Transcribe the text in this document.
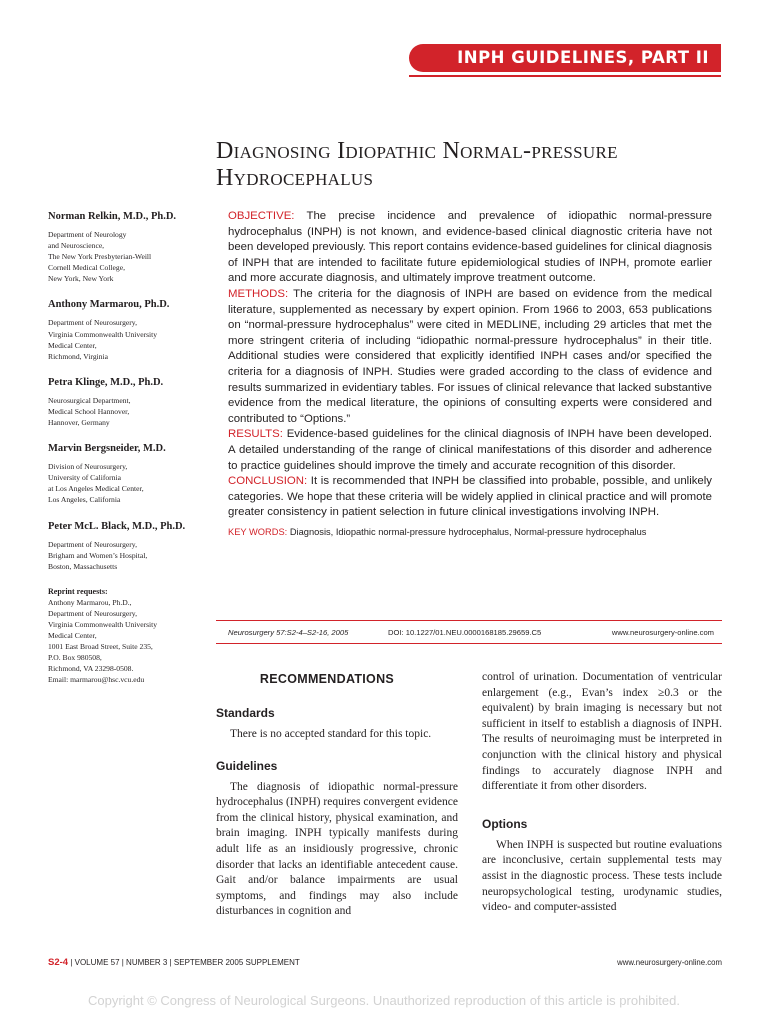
INPH GUIDELINES, PART II
Diagnosing Idiopathic Normal-pressure
Hydrocephalus
Norman Relkin, M.D., Ph.D.
Department of Neurology
and Neuroscience,
The New York Presbyterian-Weill
Cornell Medical College,
New York, New York
Anthony Marmarou, Ph.D.
Department of Neurosurgery,
Virginia Commonwealth University
Medical Center,
Richmond, Virginia
Petra Klinge, M.D., Ph.D.
Neurosurgical Department,
Medical School Hannover,
Hannover, Germany
Marvin Bergsneider, M.D.
Division of Neurosurgery,
University of California
at Los Angeles Medical Center,
Los Angeles, California
Peter McL. Black, M.D., Ph.D.
Department of Neurosurgery,
Brigham and Women’s Hospital,
Boston, Massachusetts
Reprint requests:
Anthony Marmarou, Ph.D.,
Department of Neurosurgery,
Virginia Commonwealth University
Medical Center,
1001 East Broad Street, Suite 235,
P.O. Box 980508,
Richmond, VA 23298-0508.
Email: marmarou@hsc.vcu.edu

OBJECTIVE: The precise incidence and prevalence of idiopathic normal-pressure hydrocephalus (INPH) is not known, and evidence-based clinical diagnostic criteria have not been developed previously. This report contains evidence-based guidelines for clinical diagnosis of INPH that are intended to facilitate future epidemiological studies of INPH, promote earlier and more accurate diagnosis, and ultimately improve treatment outcome.

METHODS: The criteria for the diagnosis of INPH are based on evidence from the medical literature, supplemented as necessary by expert opinion. From 1966 to 2003, 653 publications on “normal-pressure hydrocephalus” were cited in MEDLINE, including 29 articles that met the more stringent criteria of including “idiopathic normal-pressure hydrocephalus” in their title. Additional studies were considered that explicitly identified INPH cases and/or specified the criteria for a diagnosis of INPH. Studies were graded according to the class of evidence and results summarized in evidentiary tables. For issues of clinical relevance that lacked substantive evidence from the medical literature, the opinions of consulting experts were considered and contributed to “Options.”

RESULTS: Evidence-based guidelines for the clinical diagnosis of INPH have been developed. A detailed understanding of the range of clinical manifestations of this disorder and adherence to practice guidelines should improve the timely and accurate recognition of this disorder.

CONCLUSION: It is recommended that INPH be classified into probable, possible, and unlikely categories. We hope that these criteria will be widely applied in clinical practice and will promote greater consistency in patient selection in future clinical investigations involving INPH.

KEY WORDS: Diagnosis, Idiopathic normal-pressure hydrocephalus, Normal-pressure hydrocephalus

Neurosurgery 57:S2-4–S2-16, 2005	DOI: 10.1227/01.NEU.0000168185.29659.C5	www.neurosurgery-online.com
RECOMMENDATIONS
Standards

There is no accepted standard for this topic.

Guidelines

The diagnosis of idiopathic normal-pressure hydrocephalus (INPH) requires convergent evidence from the clinical history, physical examination, and brain imaging. INPH typically manifests during adult life as an insidiously progressive, chronic disorder that lacks an identifiable antecedent cause. Gait and/or balance impairments are usual symptoms, and findings may also include disturbances in cognition and

control of urination. Documentation of ventricular enlargement (e.g., Evan’s index ≥0.3 or the equivalent) by brain imaging is necessary but not sufficient in itself to establish a diagnosis of INPH. The results of neuroimaging must be interpreted in conjunction with the clinical history and physical findings to accurately diagnose INPH and differentiate it from other disorders.

Options

When INPH is suspected but routine evaluations are inconclusive, certain supplemental tests may assist in the diagnostic process. These tests include neuropsychological testing, urodynamic studies, video- and computer-assisted

S2-4 | VOLUME 57 | NUMBER 3 | SEPTEMBER 2005 SUPPLEMENT	www.neurosurgery-online.com
Copyright © Congress of Neurological Surgeons. Unauthorized reproduction of this article is prohibited.
